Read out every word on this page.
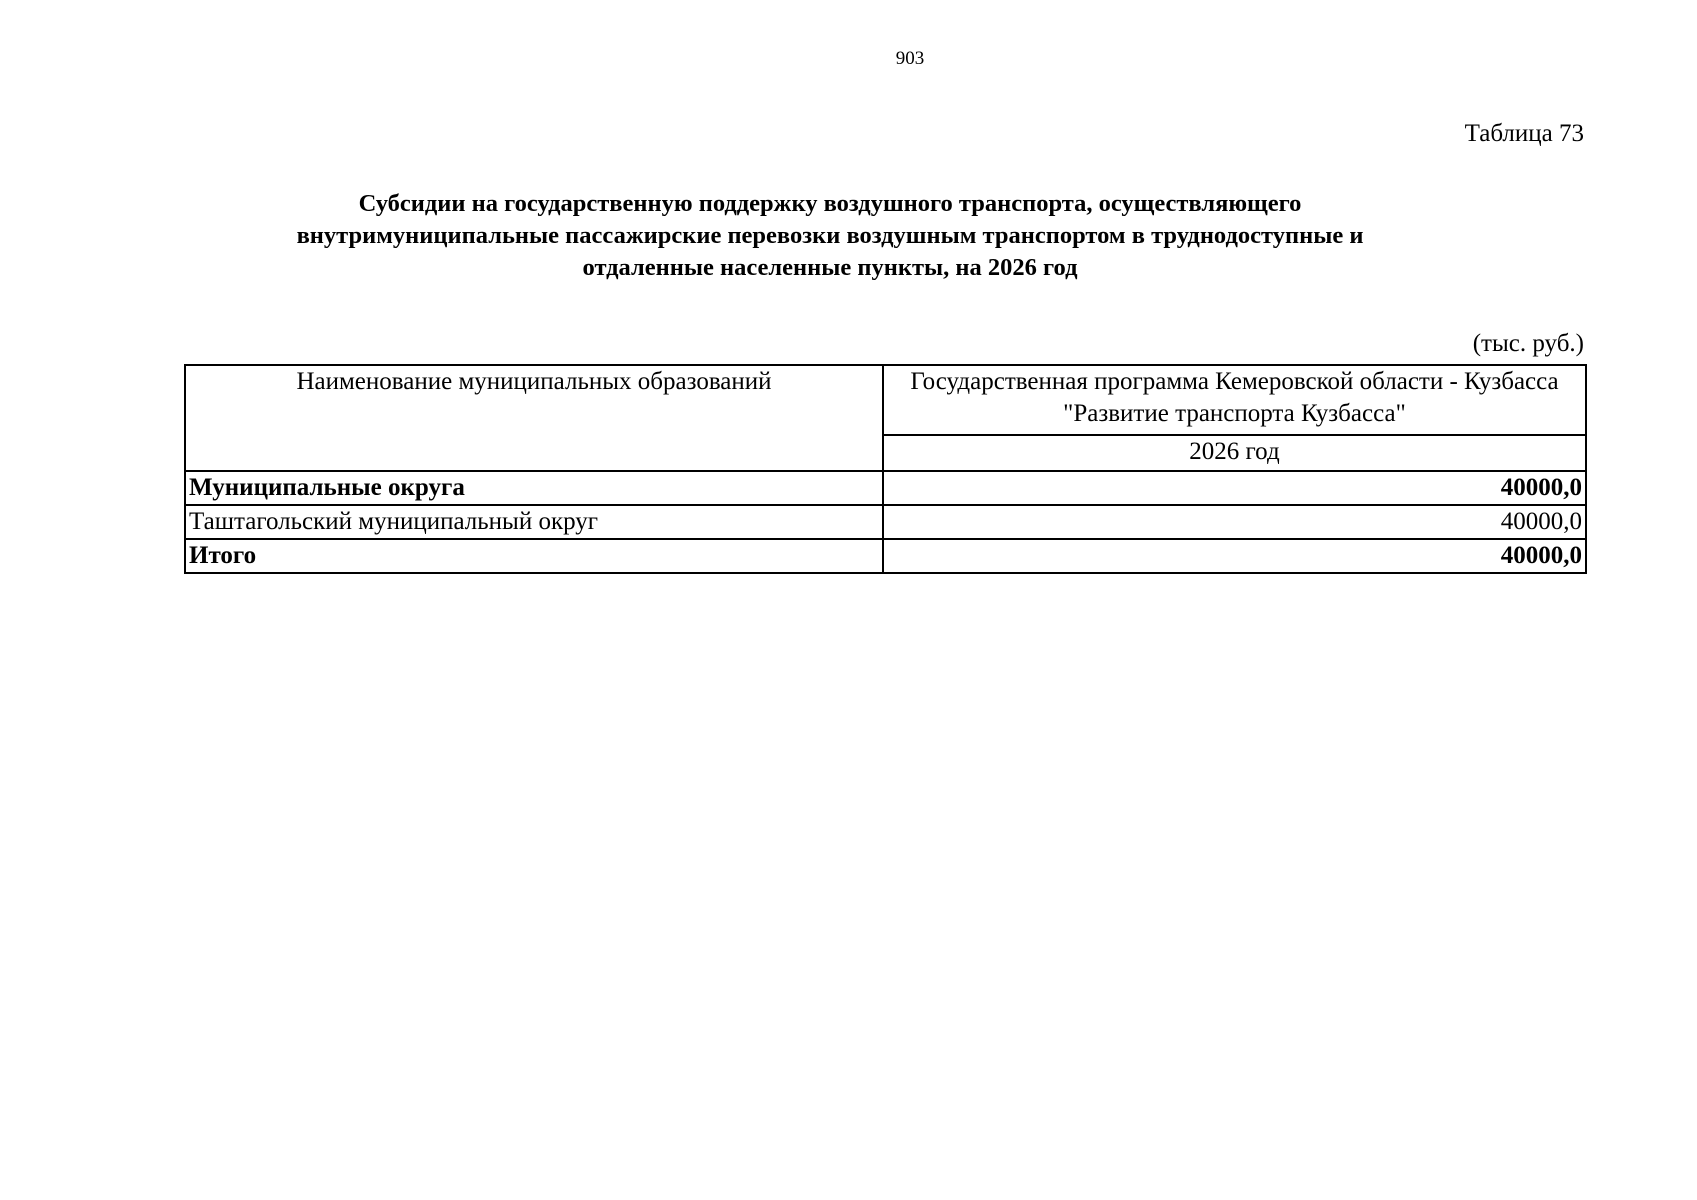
903
Таблица 73
Субсидии на государственную поддержку воздушного транспорта, осуществляющего
внутримуниципальные пассажирские перевозки воздушным транспортом в труднодоступные и
отдаленные населенные пункты, на 2026 год
(тыс. руб.)
Наименование муниципальных образований	Государственная программа Кемеровской области - Кузбасса
"Развитие транспорта Кузбасса"
	2026 год
Муниципальные округа	40000,0
Таштагольский муниципальный округ	40000,0
Итого	40000,0
